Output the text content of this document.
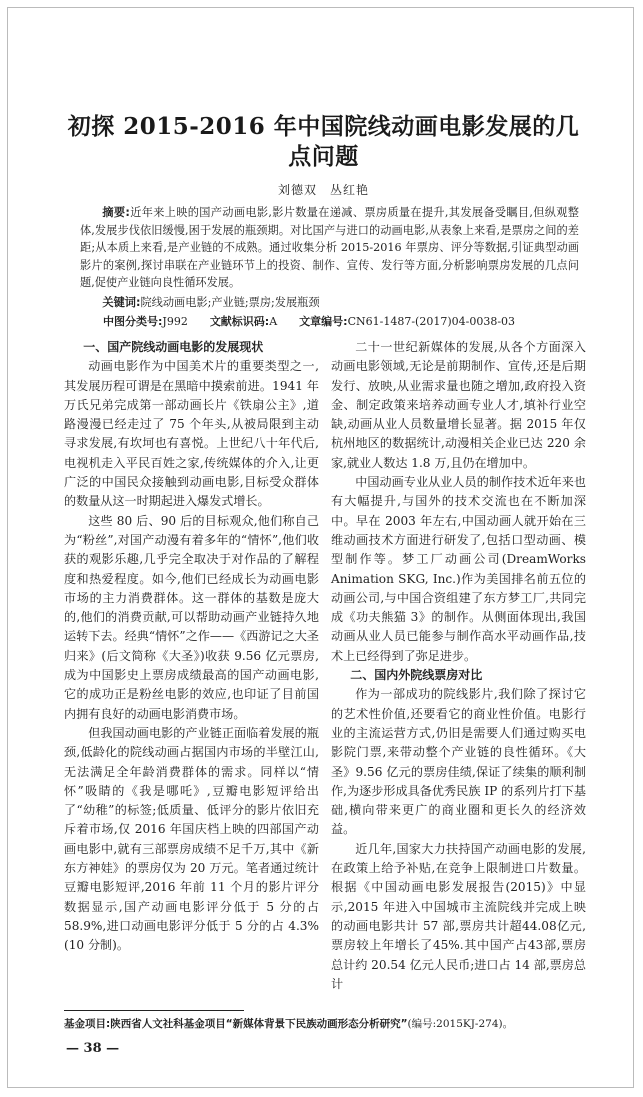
初探 2015-2016 年中国院线动画电影发展的几点问题
刘德双　丛红艳
摘要:近年来上映的国产动画电影,影片数量在递减、票房质量在提升,其发展备受瞩目,但纵观整体,发展步伐依旧缓慢,困于发展的瓶颈期。对比国产与进口的动画电影,从表象上来看,是票房之间的差距;从本质上来看,是产业链的不成熟。通过收集分析 2015-2016 年票房、评分等数据,引证典型动画影片的案例,探讨串联在产业链环节上的投资、制作、宣传、发行等方面,分析影响票房发展的几点问题,促使产业链向良性循环发展。
关键词:院线动画电影;产业链;票房;发展瓶颈
中图分类号:J992 文献标识码:A 文章编号:CN61-1487-(2017)04-0038-03
一、国产院线动画电影的发展现状

动画电影作为中国美术片的重要类型之一,其发展历程可谓是在黑暗中摸索前进。1941 年万氏兄弟完成第一部动画长片《铁扇公主》,道路漫漫已经走过了 75 个年头,从被局限到主动寻求发展,有坎坷也有喜悦。上世纪八十年代后,电视机走入平民百姓之家,传统媒体的介入,让更广泛的中国民众接触到动画电影,目标受众群体的数量从这一时期起进入爆发式增长。

这些 80 后、90 后的目标观众,他们称自己为“粉丝”,对国产动漫有着多年的“情怀”,他们收获的观影乐趣,几乎完全取决于对作品的了解程度和热爱程度。如今,他们已经成长为动画电影市场的主力消费群体。这一群体的基数是庞大的,他们的消费贡献,可以帮助动画产业链持久地运转下去。经典“情怀”之作——《西游记之大圣归来》(后文简称《大圣》)收获 9.56 亿元票房,成为中国影史上票房成绩最高的国产动画电影,它的成功正是粉丝电影的效应,也印证了目前国内拥有良好的动画电影消费市场。

但我国动画电影的产业链正面临着发展的瓶颈,低龄化的院线动画占据国内市场的半壁江山,无法满足全年龄消费群体的需求。同样以“情怀”吸睛的《我是哪吒》,豆瓣电影短评给出了“幼稚”的标签;低质量、低评分的影片依旧充斥着市场,仅 2016 年国庆档上映的四部国产动画电影中,就有三部票房成绩不足千万,其中《新东方神娃》的票房仅为 20 万元。笔者通过统计豆瓣电影短评,2016 年前 11 个月的影片评分数据显示,国产动画电影评分低于 5 分的占 58.9%,进口动画电影评分低于 5 分的占 4.3%(10 分制)。

二十一世纪新媒体的发展,从各个方面深入动画电影领域,无论是前期制作、宣传,还是后期发行、放映,从业需求量也随之增加,政府投入资金、制定政策来培养动画专业人才,填补行业空缺,动画从业人员数量增长显著。据 2015 年仅杭州地区的数据统计,动漫相关企业已达 220 余家,就业人数达 1.8 万,且仍在增加中。

中国动画专业从业人员的制作技术近年来也有大幅提升,与国外的技术交流也在不断加深中。早在 2003 年左右,中国动画人就开始在三维动画技术方面进行研发了,包括口型动画、模型制作等。梦工厂动画公司(DreamWorks Animation SKG, Inc.)作为美国排名前五位的动画公司,与中国合资组建了东方梦工厂,共同完成《功夫熊猫 3》的制作。从侧面体现出,我国动画从业人员已能参与制作高水平动画作品,技术上已经得到了弥足进步。

二、国内外院线票房对比

作为一部成功的院线影片,我们除了探讨它的艺术性价值,还要看它的商业性价值。电影行业的主流运营方式,仍旧是需要人们通过购买电影院门票,来带动整个产业链的良性循环。《大圣》9.56 亿元的票房佳绩,保证了续集的顺利制作,为逐步形成具备优秀民族 IP 的系列片打下基础,横向带来更广的商业圈和更长久的经济效益。

近几年,国家大力扶持国产动画电影的发展,在政策上给予补贴,在竞争上限制进口片数量。根据《中国动画电影发展报告(2015)》中显示,2015 年进入中国城市主流院线并完成上映的动画电影共计 57 部,票房共计超44.08亿元,票房较上年增长了45%.其中国产占43部,票房总计约 20.54 亿元人民币;进口占 14 部,票房总计

基金项目:陕西省人文社科基金项目“新媒体背景下民族动画形态分析研究”(编号:2015KJ-274)。
— 38 —
